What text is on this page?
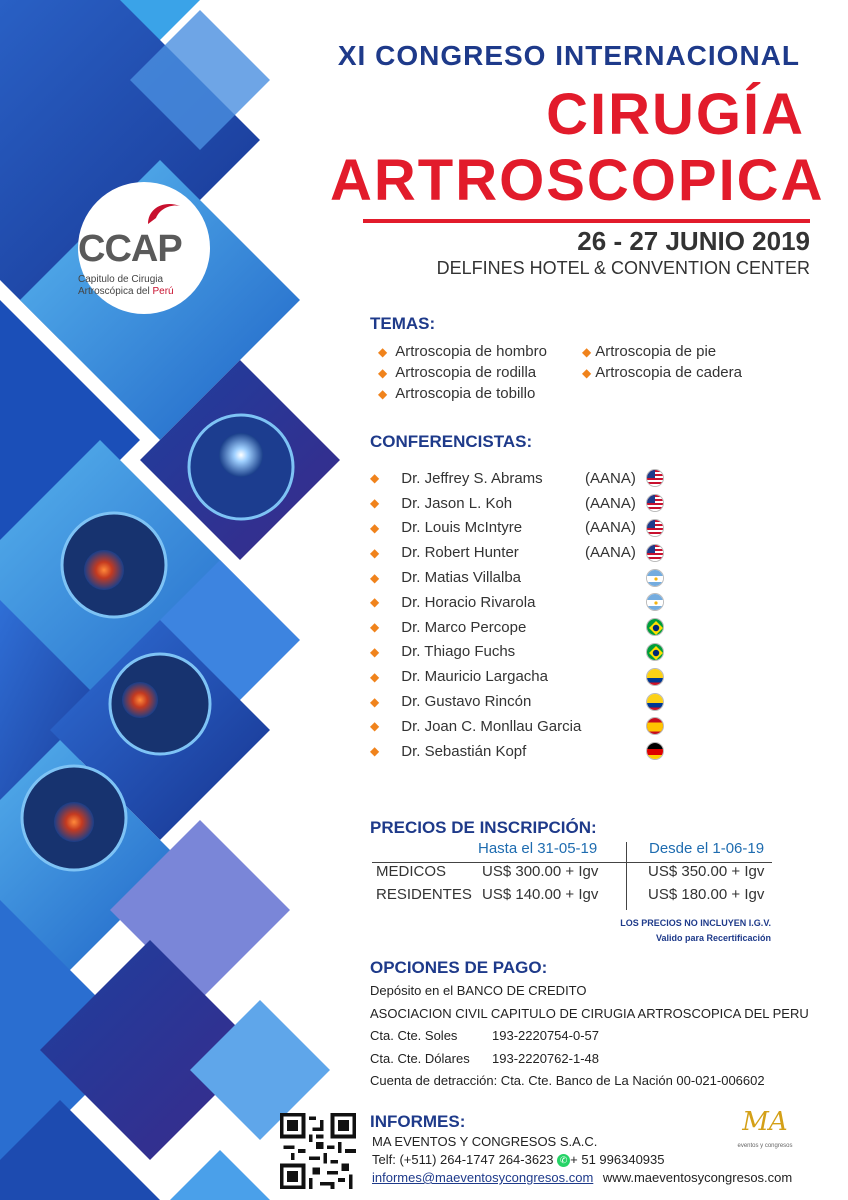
CCAP
Capitulo de Cirugia
Artroscópica del Perú
XI CONGRESO INTERNACIONAL
CIRUGÍA
ARTROSCOPICA
26 - 27 JUNIO 2019
DELFINES HOTEL & CONVENTION CENTER
TEMAS:
◆ Artroscopia de hombro	◆ Artroscopia de pie
◆ Artroscopia de rodilla	◆ Artroscopia de cadera
◆ Artroscopia de tobillo
CONFERENCISTAS:
◆ Dr. Jeffrey S. Abrams	(AANA)
◆ Dr. Jason L. Koh	(AANA)
◆ Dr. Louis McIntyre	(AANA)
◆ Dr. Robert Hunter	(AANA)
◆ Dr. Matias Villalba
◆ Dr. Horacio Rivarola
◆ Dr. Marco Percope
◆ Dr. Thiago Fuchs
◆ Dr. Mauricio Largacha
◆ Dr. Gustavo Rincón
◆ Dr. Joan C. Monllau Garcia
◆ Dr. Sebastián Kopf
PRECIOS DE INSCRIPCIÓN:
Hasta el 31-05-19	Desde el 1-06-19
MEDICOS US$ 300.00 + Igv	US$ 350.00 + Igv
RESIDENTES US$ 140.00 + Igv	US$ 180.00 + Igv
LOS PRECIOS NO INCLUYEN I.G.V.
Valido para Recertificación
OPCIONES DE PAGO:
Depósito en el BANCO DE CREDITO
ASOCIACION CIVIL CAPITULO DE CIRUGIA ARTROSCOPICA DEL PERU
Cta. Cte. Soles	193-2220754-0-57
Cta. Cte. Dólares 193-2220762-1-48
Cuenta de detracción: Cta. Cte. Banco de La Nación 00-021-006602
INFORMES:
MA EVENTOS Y CONGRESOS S.A.C.
Telf: (+511) 264-1747 264-3623 ✆ + 51 996340935
informes@maeventosycongresos.com www.maeventosycongresos.com
MA
eventos y congresos
